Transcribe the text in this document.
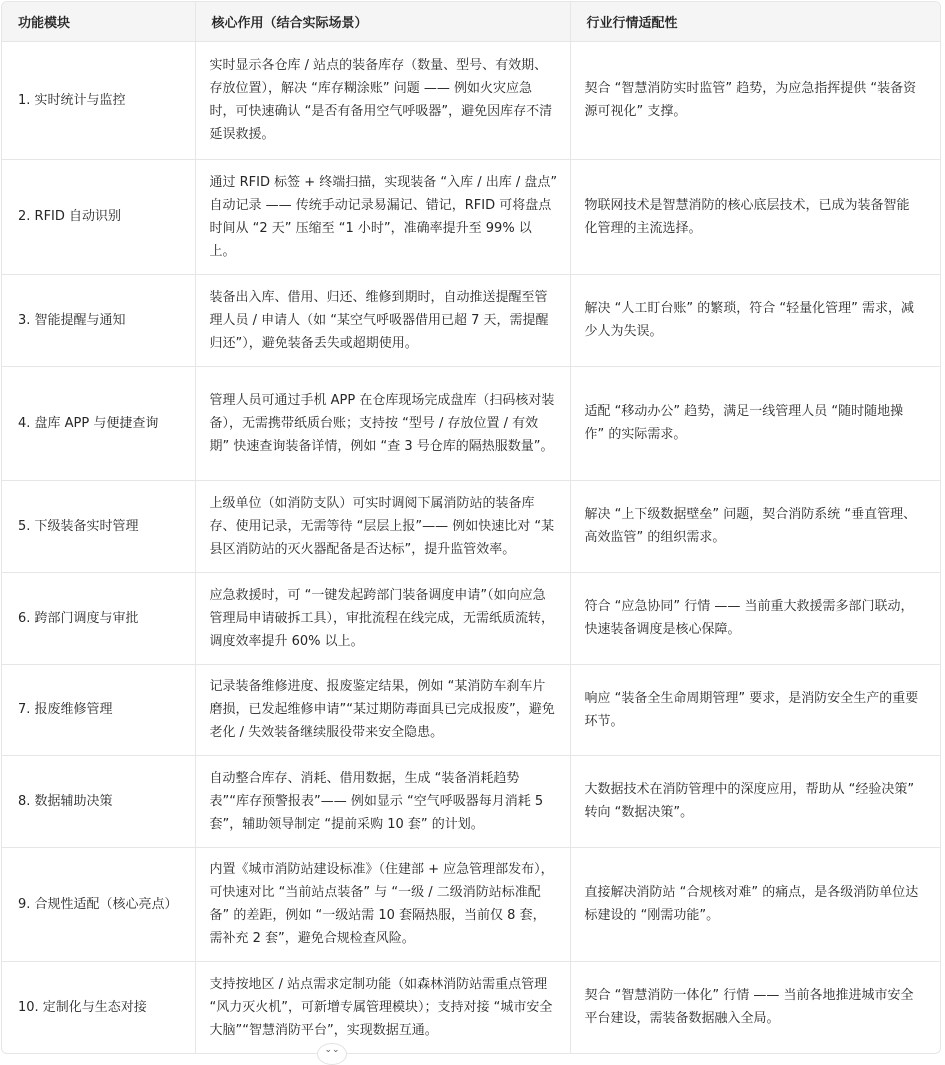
功能模块	核心作用（结合实际场景）	行业行情适配性
1. 实时统计与监控	实时显示各仓库 / 站点的装备库存（数量、型号、有效期、存放位置），解决 “库存糊涂账” 问题 —— 例如火灾应急时，可快速确认 “是否有备用空气呼吸器”，避免因库存不清延误救援。	契合 “智慧消防实时监管” 趋势，为应急指挥提供 “装备资源可视化” 支撑。
2. RFID 自动识别	通过 RFID 标签 + 终端扫描，实现装备 “入库 / 出库 / 盘点” 自动记录 —— 传统手动记录易漏记、错记，RFID 可将盘点时间从 “2 天” 压缩至 “1 小时”，准确率提升至 99% 以上。	物联网技术是智慧消防的核心底层技术，已成为装备智能化管理的主流选择。
3. 智能提醒与通知	装备出入库、借用、归还、维修到期时，自动推送提醒至管理人员 / 申请人（如 “某空气呼吸器借用已超 7 天，需提醒归还”），避免装备丢失或超期使用。	解决 “人工盯台账” 的繁琐，符合 “轻量化管理” 需求，减少人为失误。
4. 盘库 APP 与便捷查询	管理人员可通过手机 APP 在仓库现场完成盘库（扫码核对装备），无需携带纸质台账；支持按 “型号 / 存放位置 / 有效期” 快速查询装备详情，例如 “查 3 号仓库的隔热服数量”。	适配 “移动办公” 趋势，满足一线管理人员 “随时随地操作” 的实际需求。
5. 下级装备实时管理	上级单位（如消防支队）可实时调阅下属消防站的装备库存、使用记录，无需等待 “层层上报”—— 例如快速比对 “某县区消防站的灭火器配备是否达标”，提升监管效率。	解决 “上下级数据壁垒” 问题，契合消防系统 “垂直管理、高效监管” 的组织需求。
6. 跨部门调度与审批	应急救援时，可 “一键发起跨部门装备调度申请”（如向应急管理局申请破拆工具），审批流程在线完成，无需纸质流转，调度效率提升 60% 以上。	符合 “应急协同” 行情 —— 当前重大救援需多部门联动，快速装备调度是核心保障。
7. 报废维修管理	记录装备维修进度、报废鉴定结果，例如 “某消防车刹车片磨损，已发起维修申请”“某过期防毒面具已完成报废”，避免老化 / 失效装备继续服役带来安全隐患。	响应 “装备全生命周期管理” 要求，是消防安全生产的重要环节。
8. 数据辅助决策	自动整合库存、消耗、借用数据，生成 “装备消耗趋势表”“库存预警报表”—— 例如显示 “空气呼吸器每月消耗 5 套”，辅助领导制定 “提前采购 10 套” 的计划。	大数据技术在消防管理中的深度应用，帮助从 “经验决策” 转向 “数据决策”。
9. 合规性适配（核心亮点）	内置《城市消防站建设标准》（住建部 + 应急管理部发布），可快速对比 “当前站点装备” 与 “一级 / 二级消防站标准配备” 的差距，例如 “一级站需 10 套隔热服，当前仅 8 套，需补充 2 套”，避免合规检查风险。	直接解决消防站 “合规核对难” 的痛点，是各级消防单位达标建设的 “刚需功能”。
10. 定制化与生态对接	支持按地区 / 站点需求定制功能（如森林消防站需重点管理 “风力灭火机”，可新增专属管理模块）；支持对接 “城市安全大脑”“智慧消防平台”，实现数据互通。	契合 “智慧消防一体化” 行情 —— 当前各地推进城市安全平台建设，需装备数据融入全局。
⌄⌄
